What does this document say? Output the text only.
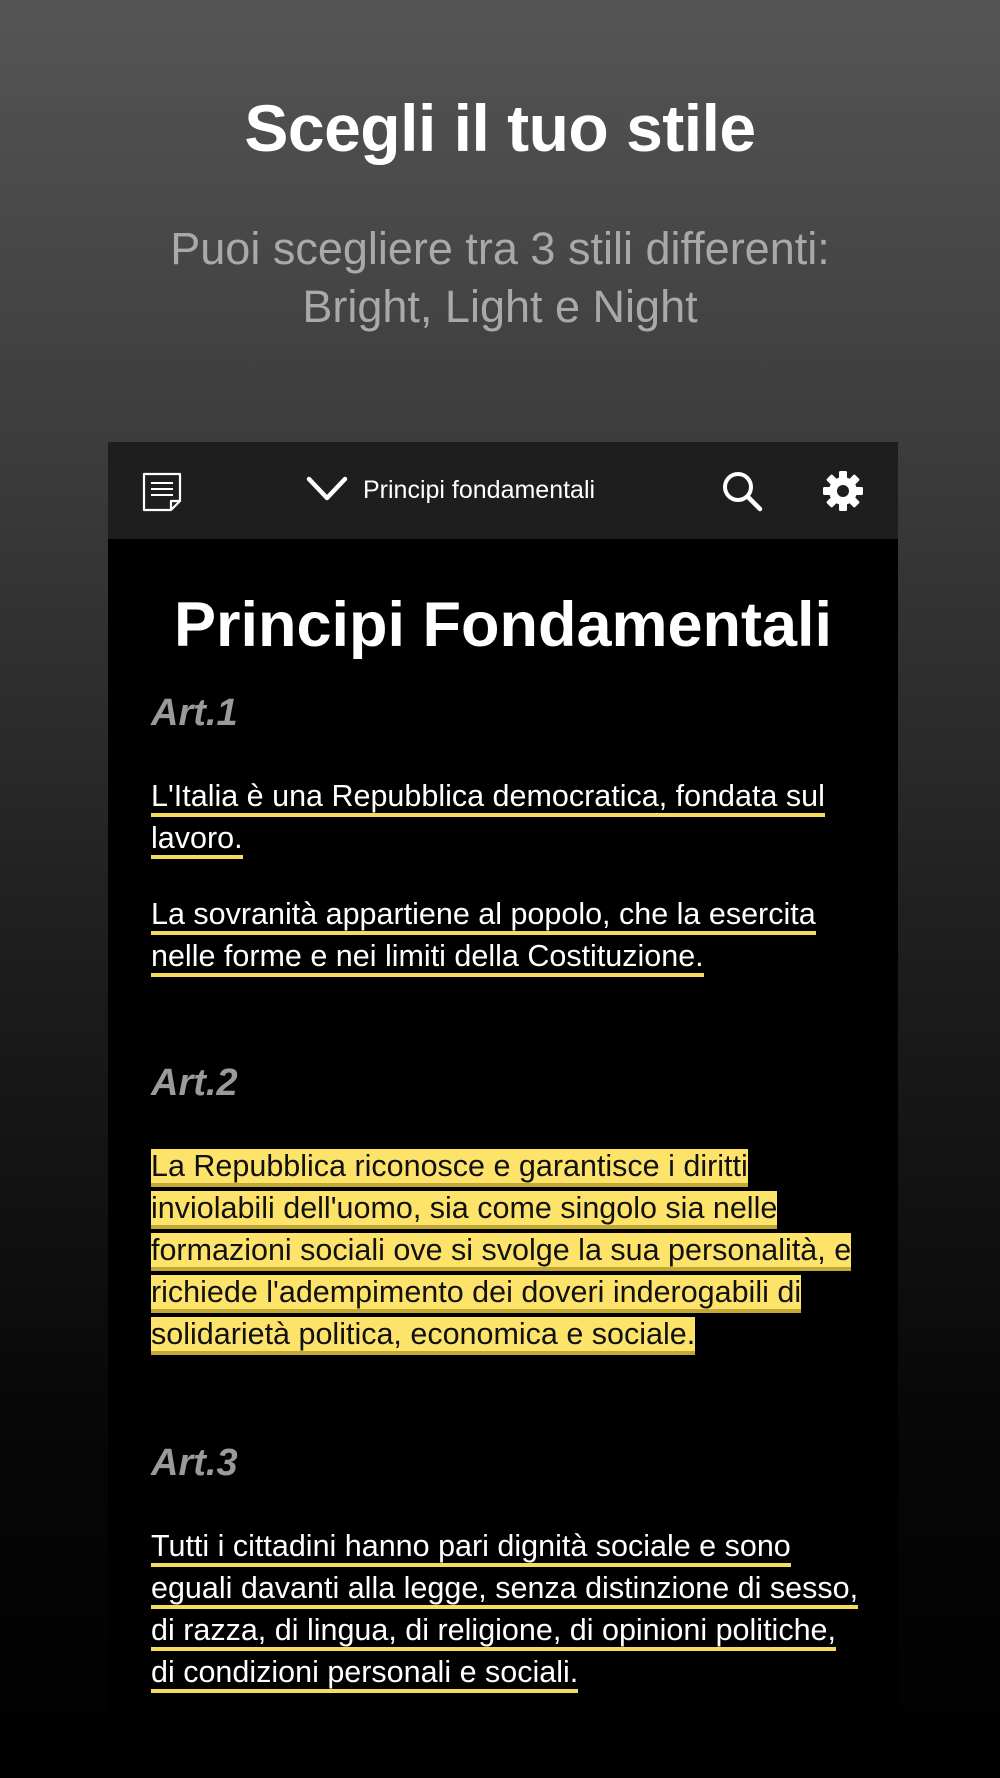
Scegli il tuo stile
Puoi scegliere tra 3 stili differenti: Bright, Light e Night
Principi fondamentali
Principi Fondamentali
Art.1
L'Italia è una Repubblica democratica, fondata sul lavoro.
La sovranità appartiene al popolo, che la esercita nelle forme e nei limiti della Costituzione.
Art.2
La Repubblica riconosce e garantisce i diritti inviolabili dell'uomo, sia come singolo sia nelle formazioni sociali ove si svolge la sua personalità, e richiede l'adempimento dei doveri inderogabili di solidarietà politica, economica e sociale.
Art.3
Tutti i cittadini hanno pari dignità sociale e sono eguali davanti alla legge, senza distinzione di sesso, di razza, di lingua, di religione, di opinioni politiche, di condizioni personali e sociali.
